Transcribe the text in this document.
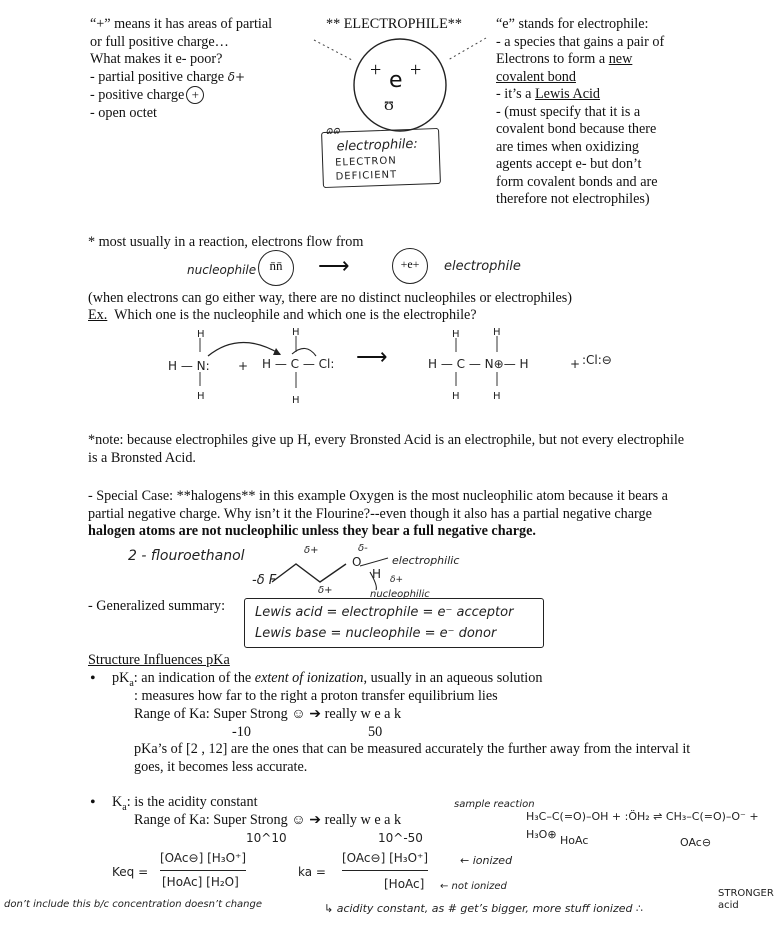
“+” means it has areas of partial
or full positive charge…
What makes it e- poor?
- partial positive charge δ+
- positive charge +
- open octet
** ELECTROPHILE**
+ +
e
ʊ
ɷɷ
electrophile:
ELECTRON
DEFICIENT
“e” stands for electrophile:
- a species that gains a pair of
Electrons to form a new
covalent bond
- it’s a Lewis Acid
- (must specify that it is a
covalent bond because there
are times when oxidizing
agents accept e- but don’t
form covalent bonds and are
therefore not electrophiles)
* most usually in a reaction, electrons flow from
nucleophile	n̄n̄	⟶	+e+	electrophile
(when electrons can go either way, there are no distinct nucleophiles or electrophiles)
Ex. Which one is the nucleophile and which one is the electrophile?
H — N: + H — C — Cl: ⟶	H — C — N⊕— H	+ :Cl:⊖
H
H
H
H
H
H
H
H
*note: because electrophiles give up H, every Bronsted Acid is an electrophile, but not every electrophile is a Bronsted Acid.
- Special Case: **halogens** in this example Oxygen is the most nucleophilic atom because it bears a partial negative charge. Why isn’t it the Flourine?--even though it also has a partial negative charge halogen atoms are not nucleophilic unless they bear a full negative charge.
2 - flouroethanol	δ+	δ-
δ+
δ+
-δ F
O
H
electrophilic
nucleophilic
- Generalized summary: Lewis acid = electrophile = e⁻ acceptor
Lewis base = nucleophile = e⁻ donor
Structure Influences pKa
• $pK_a$: an indication of the extent of ionization, usually in an aqueous solution
: measures how far to the right a proton transfer equilibrium lies
Range of Ka: Super Strong ☺ ➔ really w e a k
-10	50
pKa’s of [2 , 12] are the ones that can be measured accurately the further away from the interval it goes, it becomes less accurate.
• $K_a$: is the acidity constant
Range of Ka: Super Strong ☺ ➔ really w e a k
10^10	10^-50
sample reaction
H₃C–C(=O)–OH + :ÖH₂ ⇌ CH₃–C(=O)–O⁻ + H₃O⊕ HoAc	OAc⊖
Keq =
[OAc⊖] [H₃O⁺]
[HoAc] [H₂O]
ka =
[OAc⊖] [H₃O⁺]
[HoAc]
← ionized
← not ionized
don’t include this b/c concentration doesn’t change	↳ acidity constant, as # get’s bigger, more stuff ionized ∴
STRONGER acid
